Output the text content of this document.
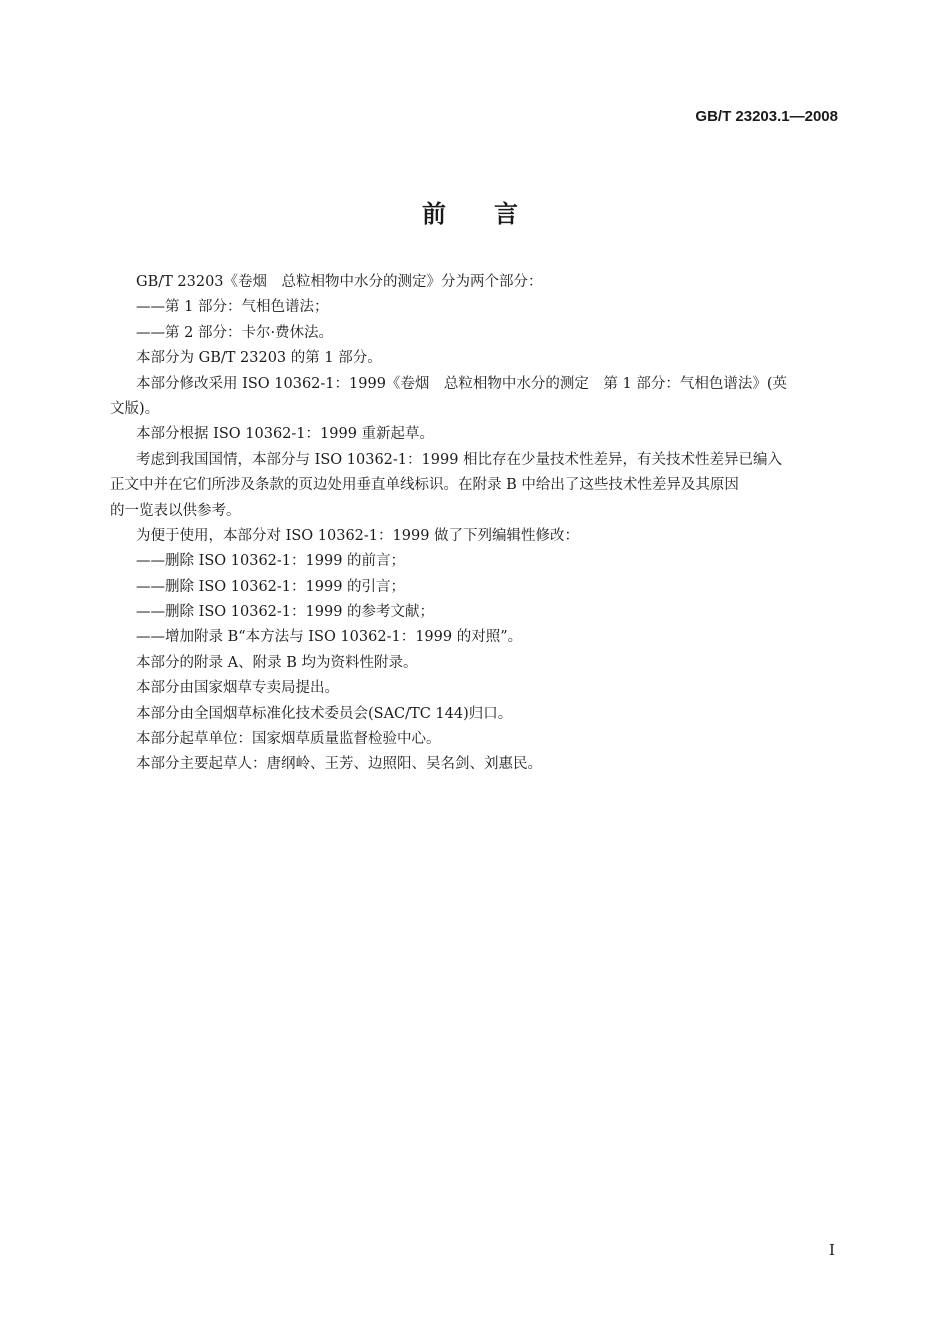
GB/T 23203.1—2008
前言
GB/T 23203《卷烟　总粒相物中水分的测定》分为两个部分：
——第 1 部分：气相色谱法；
——第 2 部分：卡尔·费休法。
本部分为 GB/T 23203 的第 1 部分。
本部分修改采用 ISO 10362-1：1999《卷烟　总粒相物中水分的测定　第 1 部分：气相色谱法》(英
文版)。
本部分根据 ISO 10362-1：1999 重新起草。
考虑到我国国情，本部分与 ISO 10362-1：1999 相比存在少量技术性差异，有关技术性差异已编入
正文中并在它们所涉及条款的页边处用垂直单线标识。在附录 B 中给出了这些技术性差异及其原因
的一览表以供参考。
为便于使用，本部分对 ISO 10362-1：1999 做了下列编辑性修改：
——删除 ISO 10362-1：1999 的前言；
——删除 ISO 10362-1：1999 的引言；
——删除 ISO 10362-1：1999 的参考文献；
——增加附录 B“本方法与 ISO 10362-1：1999 的对照”。
本部分的附录 A、附录 B 均为资料性附录。
本部分由国家烟草专卖局提出。
本部分由全国烟草标准化技术委员会(SAC/TC 144)归口。
本部分起草单位：国家烟草质量监督检验中心。
本部分主要起草人：唐纲岭、王芳、边照阳、吴名剑、刘惠民。
I
